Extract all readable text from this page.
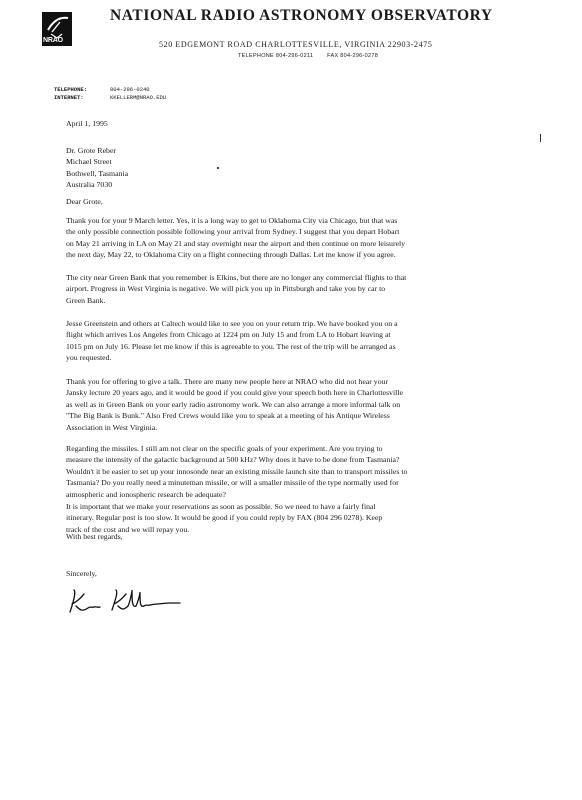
NRAO
NATIONAL RADIO ASTRONOMY OBSERVATORY
520 EDGEMONT ROAD CHARLOTTESVILLE, VIRGINIA 22903-2475
TELEPHONE 804-296-0211	FAX 804-296-0278
TELEPHONE:	804-296-0240
INTERNET:	KKELLERM@NRAO.EDU
April 1, 1995
Dr. Grote Reber
Michael Street
Bothwell, Tasmania
Australia 7030
Dear Grote,
Thank you for your 9 March letter. Yes, it is a long way to get to Oklahoma City via Chicago, but that was
the only possible connection possible following your arrival from Sydney. I suggest that you depart Hobart
on May 21 arriving in LA on May 21 and stay overnight near the airport and then continue on more leisurely
the next day, May 22, to Oklahoma City on a flight connecting through Dallas. Let me know if you agree.
The city near Green Bank that you remember is Elkins, but there are no longer any commercial flights to that
airport. Progress in West Virginia is negative. We will pick you up in Pittsburgh and take you by car to
Green Bank.
Jesse Greenstein and others at Caltech would like to see you on your return trip. We have booked you on a
flight which arrives Los Angeles from Chicago at 1224 pm on July 15 and from LA to Hobart leaving at
1015 pm on July 16. Please let me know if this is agreeable to you. The rest of the trip will be arranged as
you requested.
Thank you for offering to give a talk. There are many new people here at NRAO who did not hear your
Jansky lecture 20 years ago, and it would be good if you could give your speech both here in Charlottesville
as well as in Green Bank on your early radio astronomy work. We can also arrange a more informal talk on
"The Big Bank is Bunk." Also Fred Crews would like you to speak at a meeting of his Antique Wireless
Association in West Virginia.
Regarding the missiles. I still am not clear on the specific goals of your experiment. Are you trying to
measure the intensity of the galactic background at 500 kHz? Why does it have to be done from Tasmania?
Wouldn't it be easier to set up your innosonde near an existing missile launch site than to transport missiles to
Tasmania? Do you really need a minuteman missile, or will a smaller missile of the type normally used for
atmospheric and ionospheric research be adequate?
It is important that we make your reservations as soon as possible. So we need to have a fairly final
itinerary. Regular post is too slow. It would be good if you could reply by FAX (804 296 0278). Keep
track of the cost and we will repay you.
With best regards,
Sincerely,
